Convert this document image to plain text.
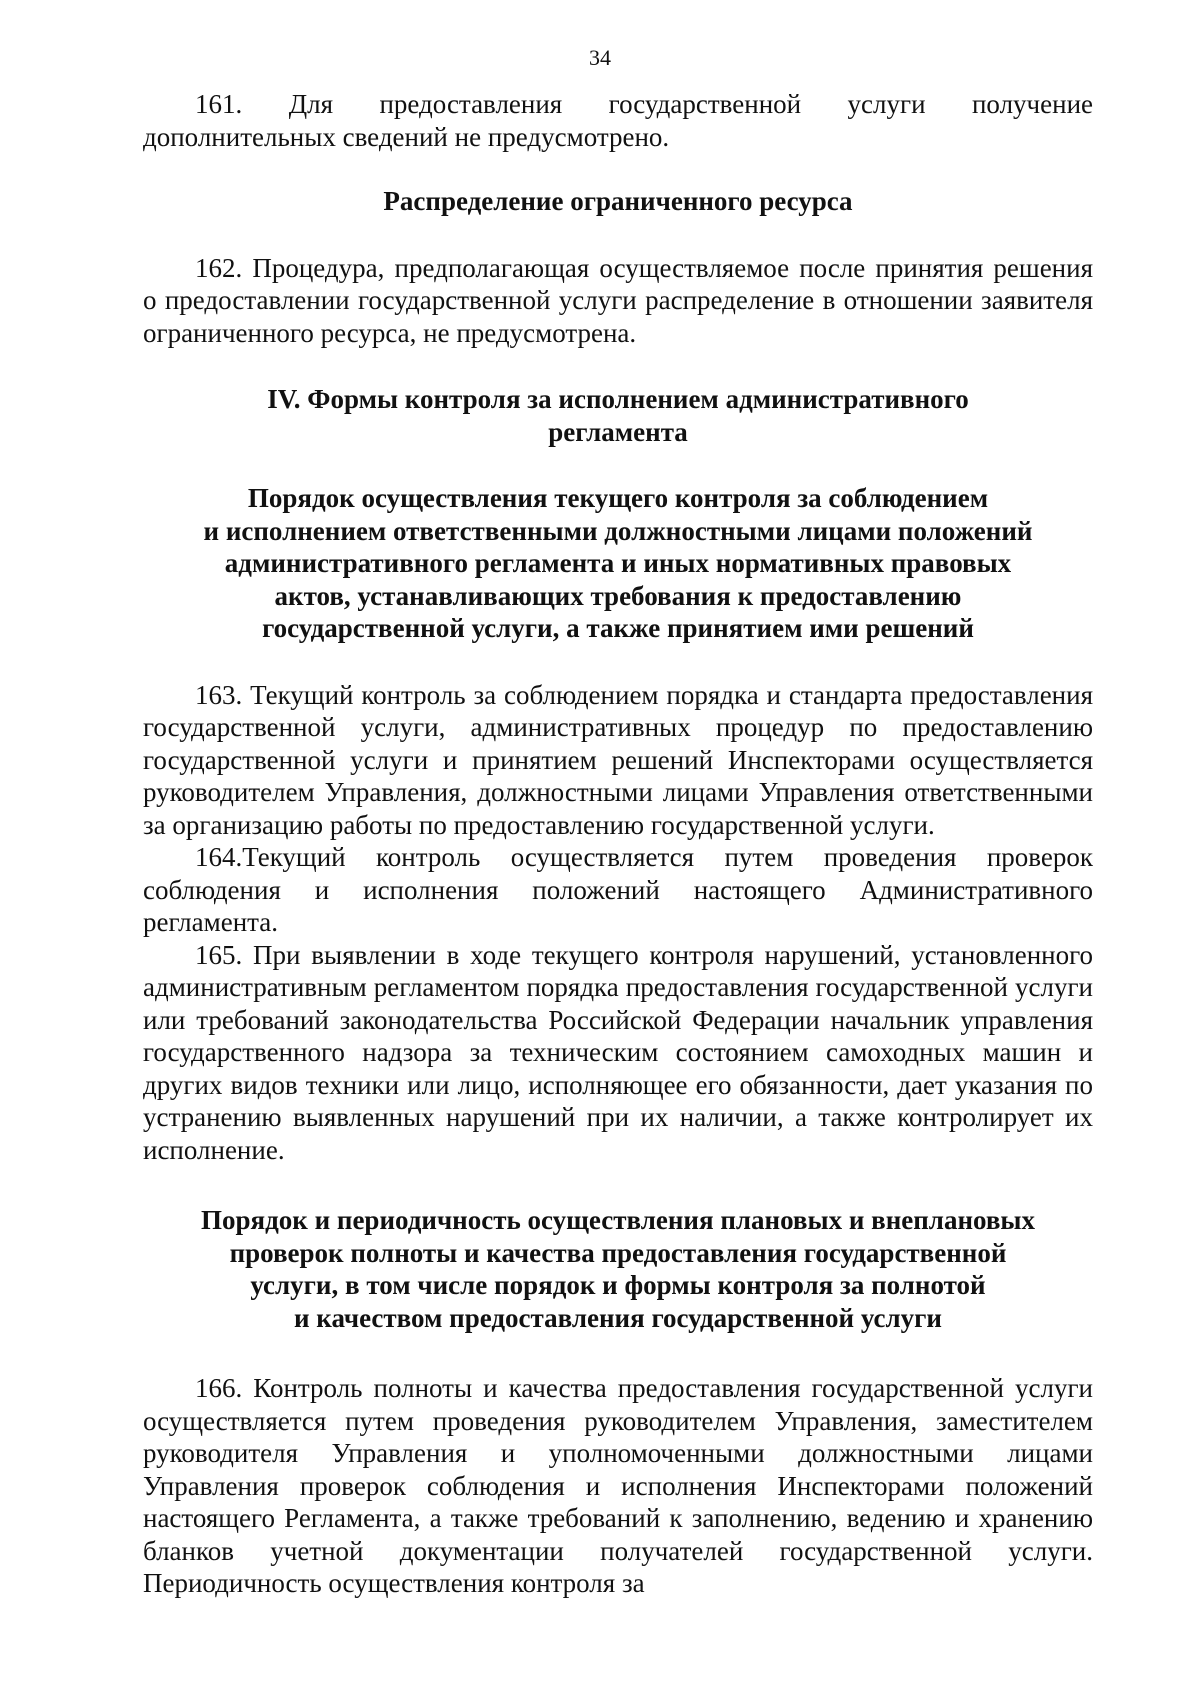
34

161. Для предоставления государственной услуги получение дополнительных сведений не предусмотрено.

Распределение ограниченного ресурса

162. Процедура, предполагающая осуществляемое после принятия решения о предоставлении государственной услуги распределение в отношении заявителя ограниченного ресурса, не предусмотрена.

IV. Формы контроля за исполнением административного
регламента
Порядок осуществления текущего контроля за соблюдением
и исполнением ответственными должностными лицами положений
административного регламента и иных нормативных правовых
актов, устанавливающих требования к предоставлению
государственной услуги, а также принятием ими решений

163. Текущий контроль за соблюдением порядка и стандарта предоставления государственной услуги, административных процедур по предоставлению государственной услуги и принятием решений Инспекторами осуществляется руководителем Управления, должностными лицами Управления ответственными за организацию работы по предоставлению государственной услуги.

164.Текущий контроль осуществляется путем проведения проверок соблюдения и исполнения положений настоящего Административного регламента.

165. При выявлении в ходе текущего контроля нарушений, установленного административным регламентом порядка предоставления государственной услуги или требований законодательства Российской Федерации начальник управления государственного надзора за техническим состоянием самоходных машин и других видов техники или лицо, исполняющее его обязанности, дает указания по устранению выявленных нарушений при их наличии, а также контролирует их исполнение.

Порядок и периодичность осуществления плановых и внеплановых
проверок полноты и качества предоставления государственной
услуги, в том числе порядок и формы контроля за полнотой
и качеством предоставления государственной услуги

166. Контроль полноты и качества предоставления государственной услуги осуществляется путем проведения руководителем Управления, заместителем руководителя Управления и уполномоченными должностными лицами Управления проверок соблюдения и исполнения Инспекторами положений настоящего Регламента, а также требований к заполнению, ведению и хранению бланков учетной документации получателей государственной услуги. Периодичность осуществления контроля за
